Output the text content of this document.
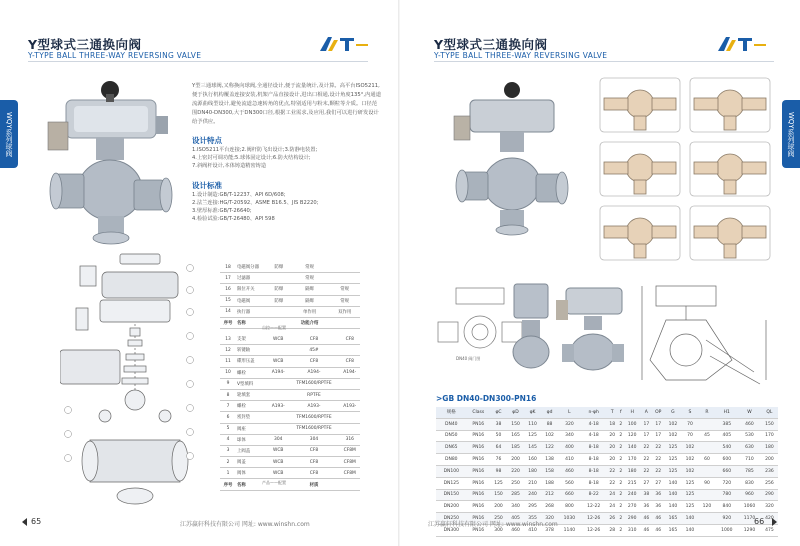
Y型球式三通换向阀
Y-TYPE BALL THREE-WAY REVERSING VALVE
WQY系列球阀
Y型三通球阀,又称换向球阀,全通径设计,便于流量统计,及计算。高平台ISO5211,便于执行机构覆盖连接安装,机架产品直接设计,进出口相通,设计角度135°,内通道流源曲线型设计,避免流道急速转角的优点,特别适用与粉末,颗粒等介质。口径范围DN40-DN300,大于DN300口径,根据工业需求,及应用,我们可以进行研发设计给予供应。
设计特点
1.ISO5211平台连接;2.阀杆防飞出设计;3.防静电装置;
4.上密封可调功能;5.球体固定设计;6.防火结构设计;
7.斜阀杆设计,本体铸造精密铸造
设计标准
1.设计制造:GB/T-12237、API 6D/608;
2.法兰连接:HG/T-20592、ASME B16.5、JIS B2220;
3.壁厚标准:GB/T-26640;
4.检验试验:GB/T-26480、API 598
18	电磁阀分器	防爆	常规	
17	过滤器		常规	
16	限位开关	防爆	隔爆	常规
15	电磁阀	防爆	隔爆	常规
14	执行器		单作用	双作用
序号	名称		功能介绍	
自控——配置
13	支架	WCB	CF8	CF8
12	斩键轴		45#	
11	碟形压盖	WCB	CF8	CF8
10	螺栓	A194-	A194-	A194-
9	V型填料		TFM1600/RPTFE	
8	轮填套		RPTFE	
7	螺栓	A193-	A193-	A193-
6	密封垫		TFM1600/RPTFE	
5	阀座		TFM1600/RPTFE	
4	球体	304	304	316
3	上阀盖	WCB	CF8	CF8M
2	阀盖	WCB	CF8	CF8M
1	阀体	WCB	CF8	CF8M
序号	名称		材质	
产品——配置
65	江苏赢轩科技有限公司 网址: www.winshn.com
Y型球式三通换向阀
Y-TYPE BALL THREE-WAY REVERSING VALVE
WQY系列球阀
DN40 阀门图
>GB DN40-DN300-PN16
规格	Class	φC	φD	φK	φd	L	n-φh	T	f	H	A	OP	G	S	R	H1	W	QL
DN40	PN16	38	150	110	88	320	4-18	18	2	100	17	17	102	70		385	460	150
DN50	PN16	50	165	125	102	340	4-18	20	2	120	17	17	102	70	45	405	530	170
DN65	PN16	64	185	145	122	400	8-18	20	2	140	22	22	125	102		540	630	180
DN80	PN16	76	200	160	138	410	8-18	20	2	170	22	22	125	102	60	600	710	200
DN100	PN16	98	220	180	158	460	8-18	22	2	180	22	22	125	102		660	785	236
DN125	PN16	125	250	210	188	560	8-18	22	2	215	27	27	140	125	90	720	830	256
DN150	PN16	150	285	240	212	660	8-22	24	2	240	38	36	140	125		780	960	290
DN200	PN16	200	340	295	268	800	12-22	24	2	270	36	36	140	125	120	840	1060	320
DN250	PN16	250	405	355	320	1030	12-26	26	2	290	46	46	165	140		920	1170	420
DN300	PN16	300	460	410	378	1140	12-26	28	2	310	46	46	165	140		1000	1290	475
江苏赢轩科技有限公司 网址: www.winshn.com	66
